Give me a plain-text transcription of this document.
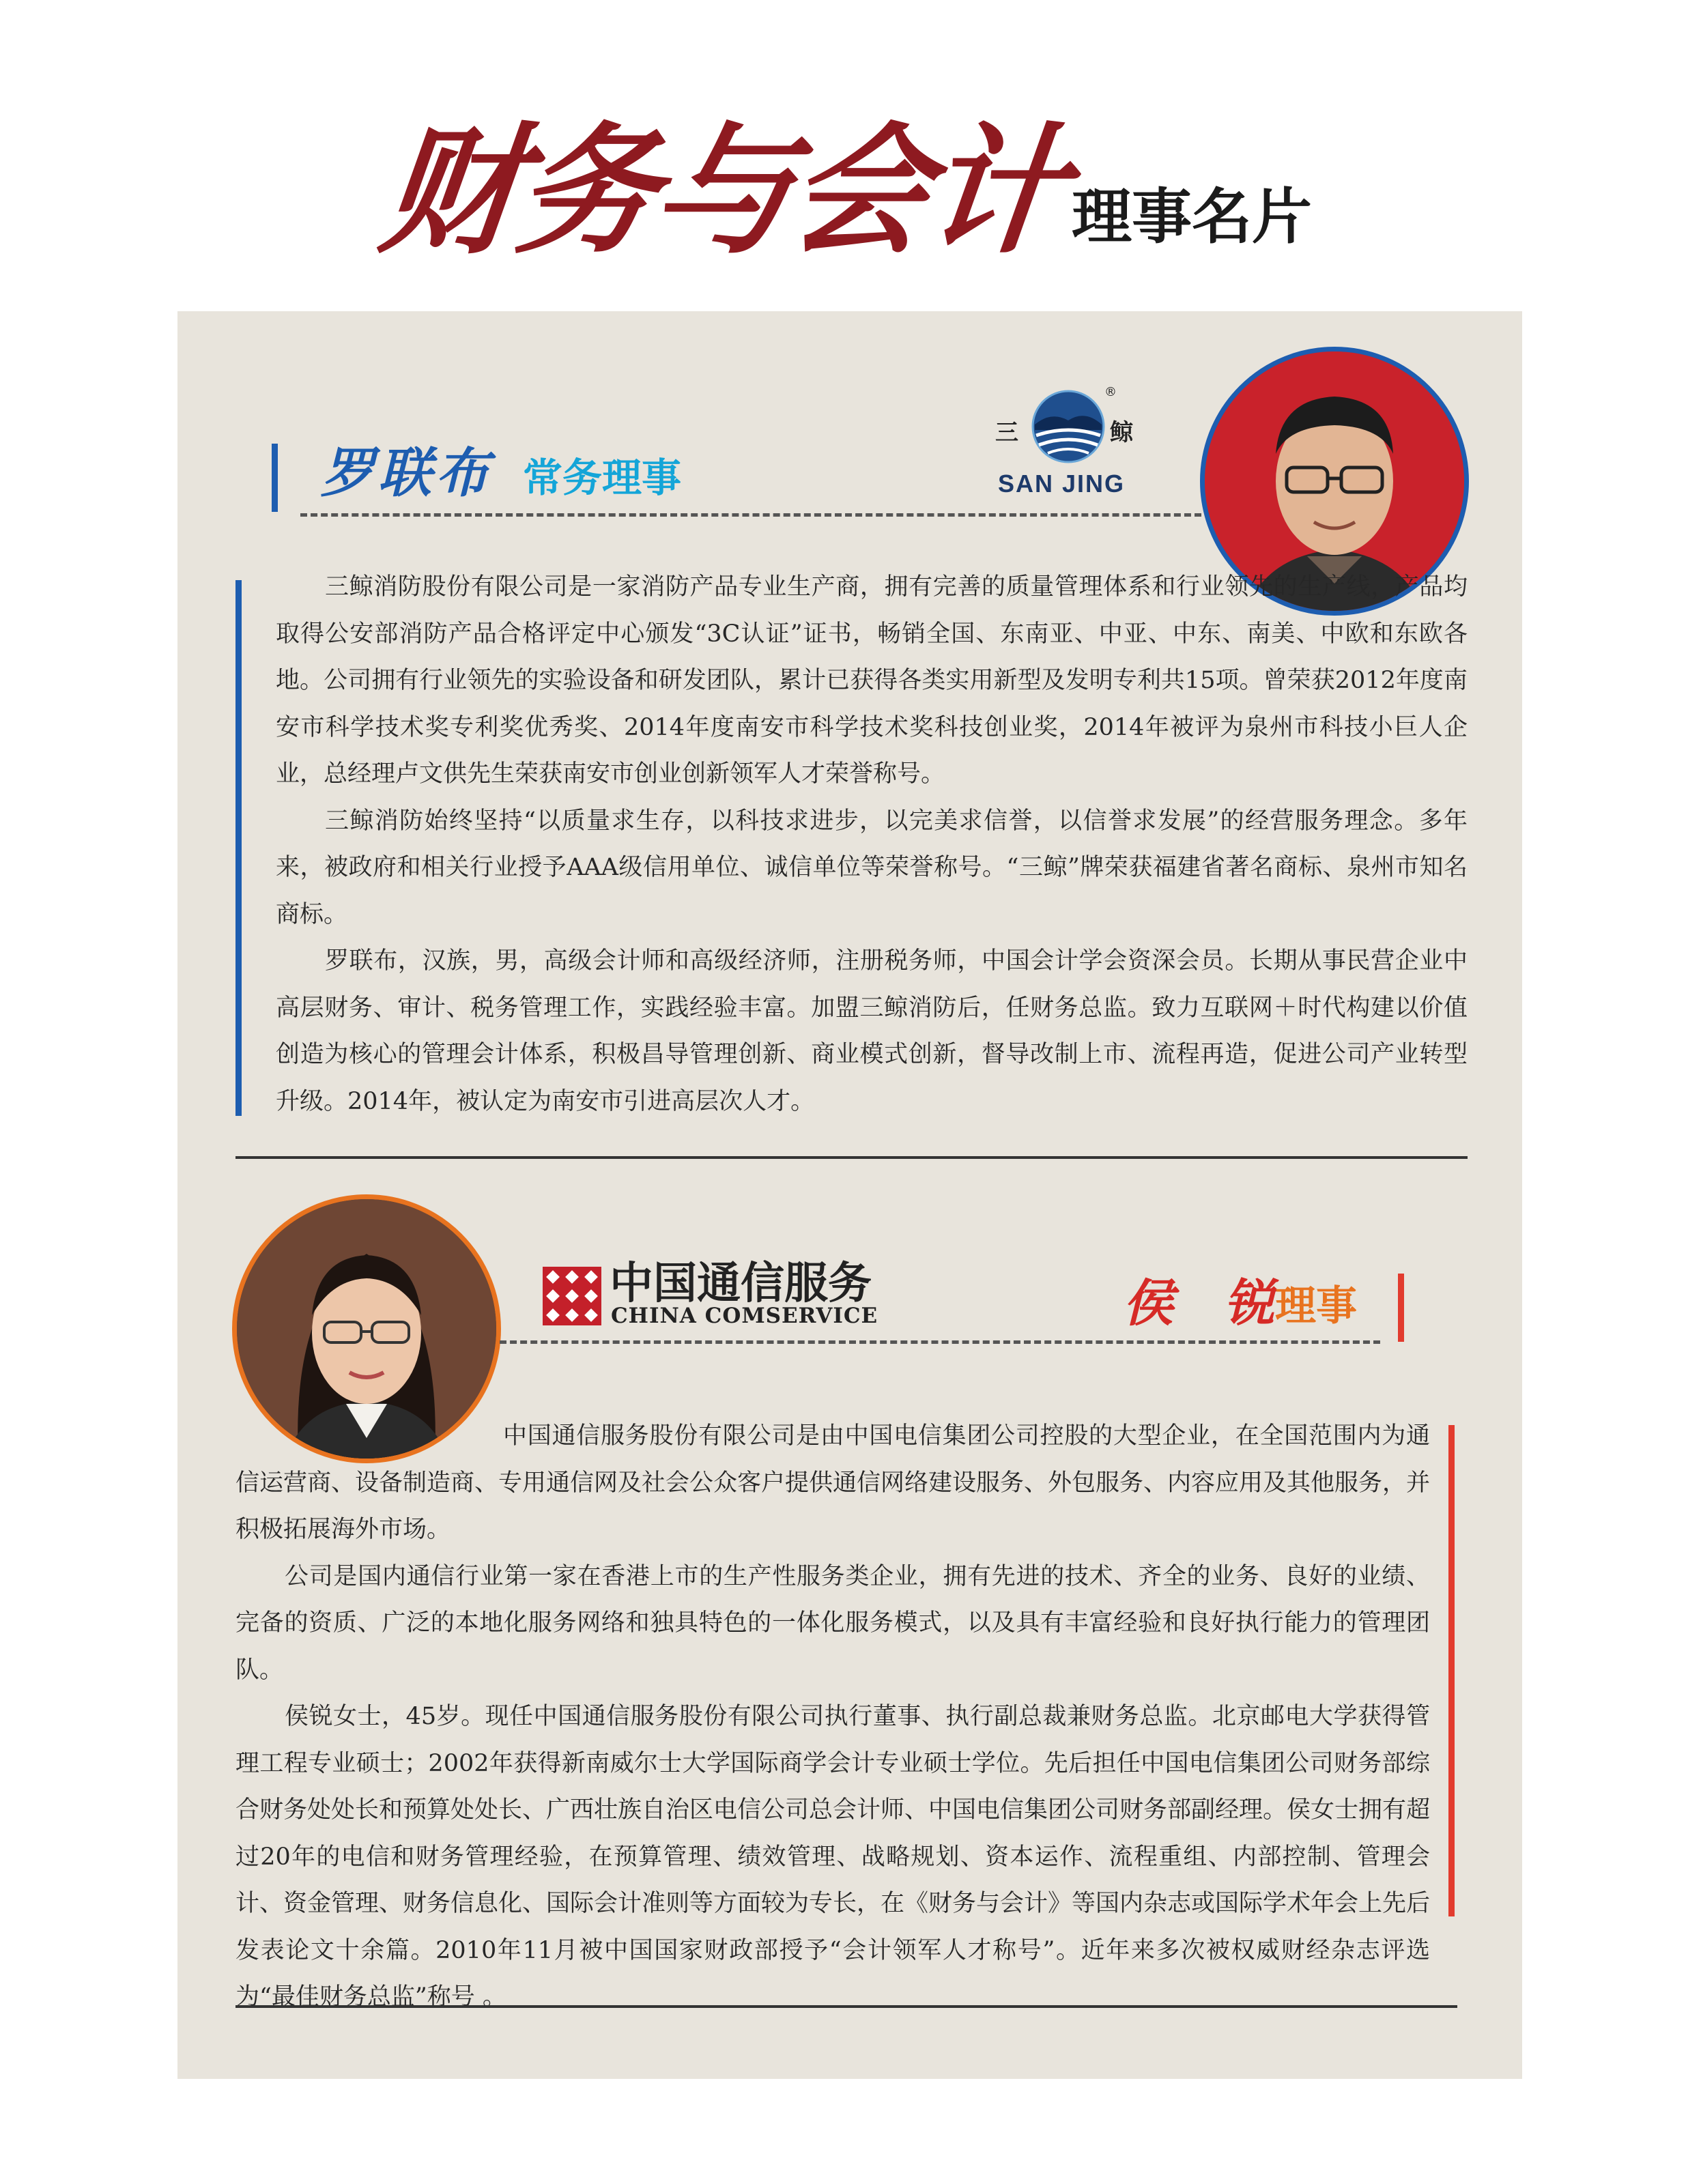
财务与会计 理事名片
罗联布 常务理事
三	鲸
®
SAN JING

三鲸消防股份有限公司是一家消防产品专业生产商，拥有完善的质量管理体系和行业领先的生产线，产品均取得公安部消防产品合格评定中心颁发“3C认证”证书，畅销全国、东南亚、中亚、中东、南美、中欧和东欧各地。公司拥有行业领先的实验设备和研发团队，累计已获得各类实用新型及发明专利共15项。曾荣获2012年度南安市科学技术奖专利奖优秀奖、2014年度南安市科学技术奖科技创业奖，2014年被评为泉州市科技小巨人企业，总经理卢文供先生荣获南安市创业创新领军人才荣誉称号。

三鲸消防始终坚持“以质量求生存，以科技求进步，以完美求信誉，以信誉求发展”的经营服务理念。多年来，被政府和相关行业授予AAA级信用单位、诚信单位等荣誉称号。“三鲸”牌荣获福建省著名商标、泉州市知名商标。

罗联布，汉族，男，高级会计师和高级经济师，注册税务师，中国会计学会资深会员。长期从事民营企业中高层财务、审计、税务管理工作，实践经验丰富。加盟三鲸消防后，任财务总监。致力互联网＋时代构建以价值创造为核心的管理会计体系，积极昌导管理创新、商业模式创新，督导改制上市、流程再造，促进公司产业转型升级。2014年，被认定为南安市引进高层次人才。

中国通信服务
CHINA COMSERVICE	侯　锐 理事

中国通信服务股份有限公司是由中国电信集团公司控股的大型企业，在全国范围内为通信运营商、设备制造商、专用通信网及社会公众客户提供通信网络建设服务、外包服务、内容应用及其他服务，并积极拓展海外市场。

公司是国内通信行业第一家在香港上市的生产性服务类企业，拥有先进的技术、齐全的业务、良好的业绩、完备的资质、广泛的本地化服务网络和独具特色的一体化服务模式，以及具有丰富经验和良好执行能力的管理团队。

侯锐女士，45岁。现任中国通信服务股份有限公司执行董事、执行副总裁兼财务总监。北京邮电大学获得管理工程专业硕士；2002年获得新南威尔士大学国际商学会计专业硕士学位。先后担任中国电信集团公司财务部综合财务处处长和预算处处长、广西壮族自治区电信公司总会计师、中国电信集团公司财务部副经理。侯女士拥有超过20年的电信和财务管理经验，在预算管理、绩效管理、战略规划、资本运作、流程重组、内部控制、管理会计、资金管理、财务信息化、国际会计准则等方面较为专长，在《财务与会计》等国内杂志或国际学术年会上先后发表论文十余篇。2010年11月被中国国家财政部授予“会计领军人才称号”。近年来多次被权威财经杂志评选为“最佳财务总监”称号 。
